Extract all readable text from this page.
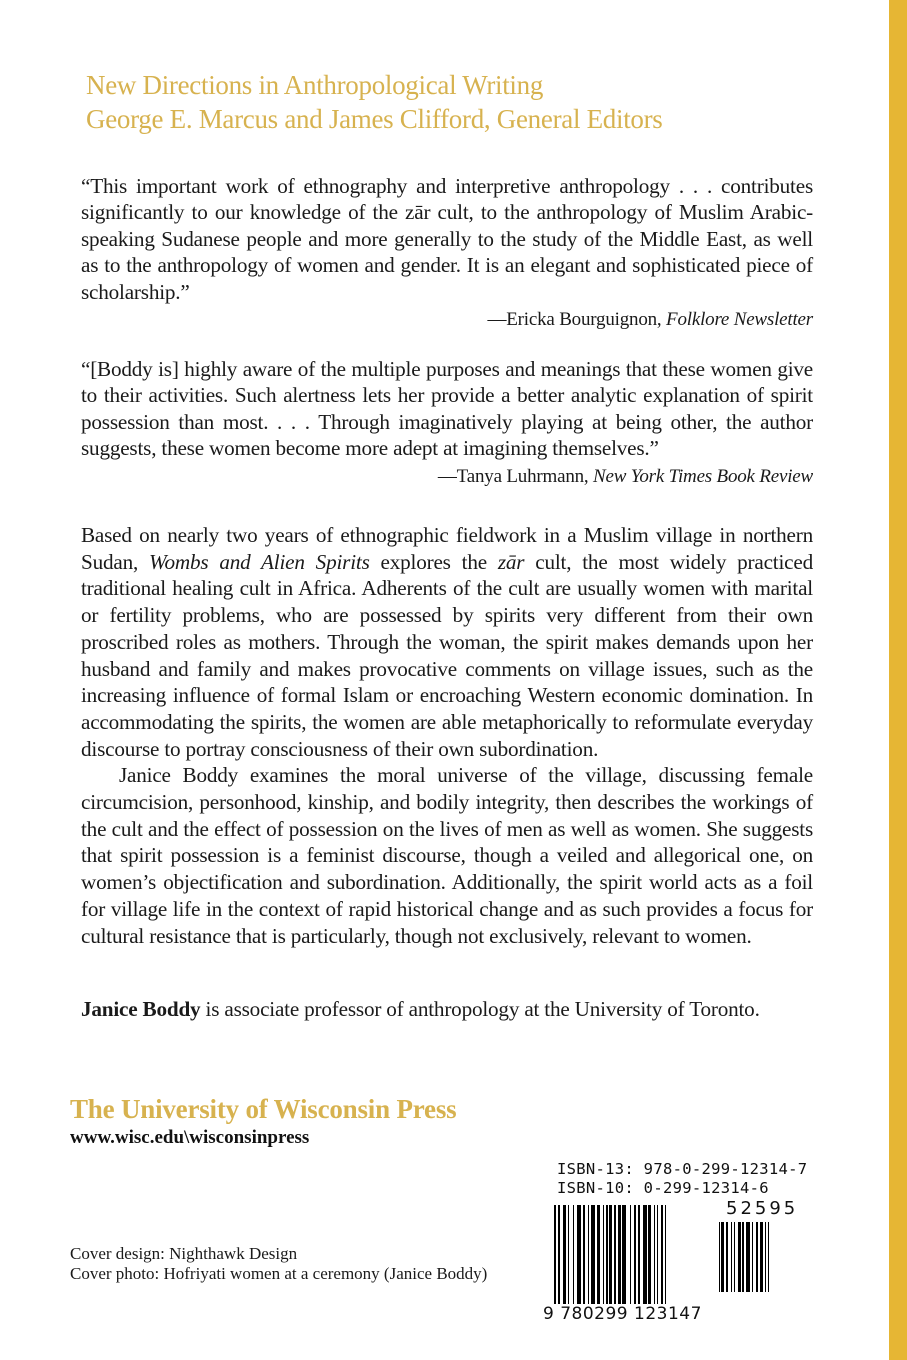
New Directions in Anthropological Writing
George E. Marcus and James Clifford, General Editors

“This important work of ethnography and interpretive anthropology . . . contributes significantly to our knowledge of the zār cult, to the anthropology of Muslim Arabic-speaking Sudanese people and more generally to the study of the Middle East, as well as to the anthropology of women and gender. It is an elegant and sophisticated piece of scholarship.”

—Ericka Bourguignon, Folklore Newsletter

“[Boddy is] highly aware of the multiple purposes and meanings that these women give to their activities. Such alertness lets her provide a better analytic explanation of spirit possession than most. . . . Through imaginatively playing at being other, the author suggests, these women become more adept at imagining themselves.”

—Tanya Luhrmann, New York Times Book Review

Based on nearly two years of ethnographic fieldwork in a Muslim village in northern Sudan, Wombs and Alien Spirits explores the zār cult, the most widely practiced traditional healing cult in Africa. Adherents of the cult are usually women with marital or fertility problems, who are possessed by spirits very different from their own proscribed roles as mothers. Through the woman, the spirit makes demands upon her husband and family and makes provocative comments on village issues, such as the increasing influence of formal Islam or encroaching Western economic domination. In accommodating the spirits, the women are able metaphorically to reformulate everyday discourse to portray consciousness of their own subordination.

Janice Boddy examines the moral universe of the village, discussing female circumcision, personhood, kinship, and bodily integrity, then describes the workings of the cult and the effect of possession on the lives of men as well as women. She suggests that spirit possession is a feminist discourse, though a veiled and allegorical one, on women’s objectification and subordination. Additionally, the spirit world acts as a foil for village life in the context of rapid historical change and as such provides a focus for cultural resistance that is particularly, though not exclusively, relevant to women.

Janice Boddy is associate professor of anthropology at the University of Toronto.
The University of Wisconsin Press
www.wisc.edu\wisconsinpress
Cover design: Nighthawk Design
Cover photo: Hofriyati women at a ceremony (Janice Boddy)
ISBN-13: 978-0-299-12314-7
ISBN-10: 0-299-12314-6
52595
9 780299 123147
